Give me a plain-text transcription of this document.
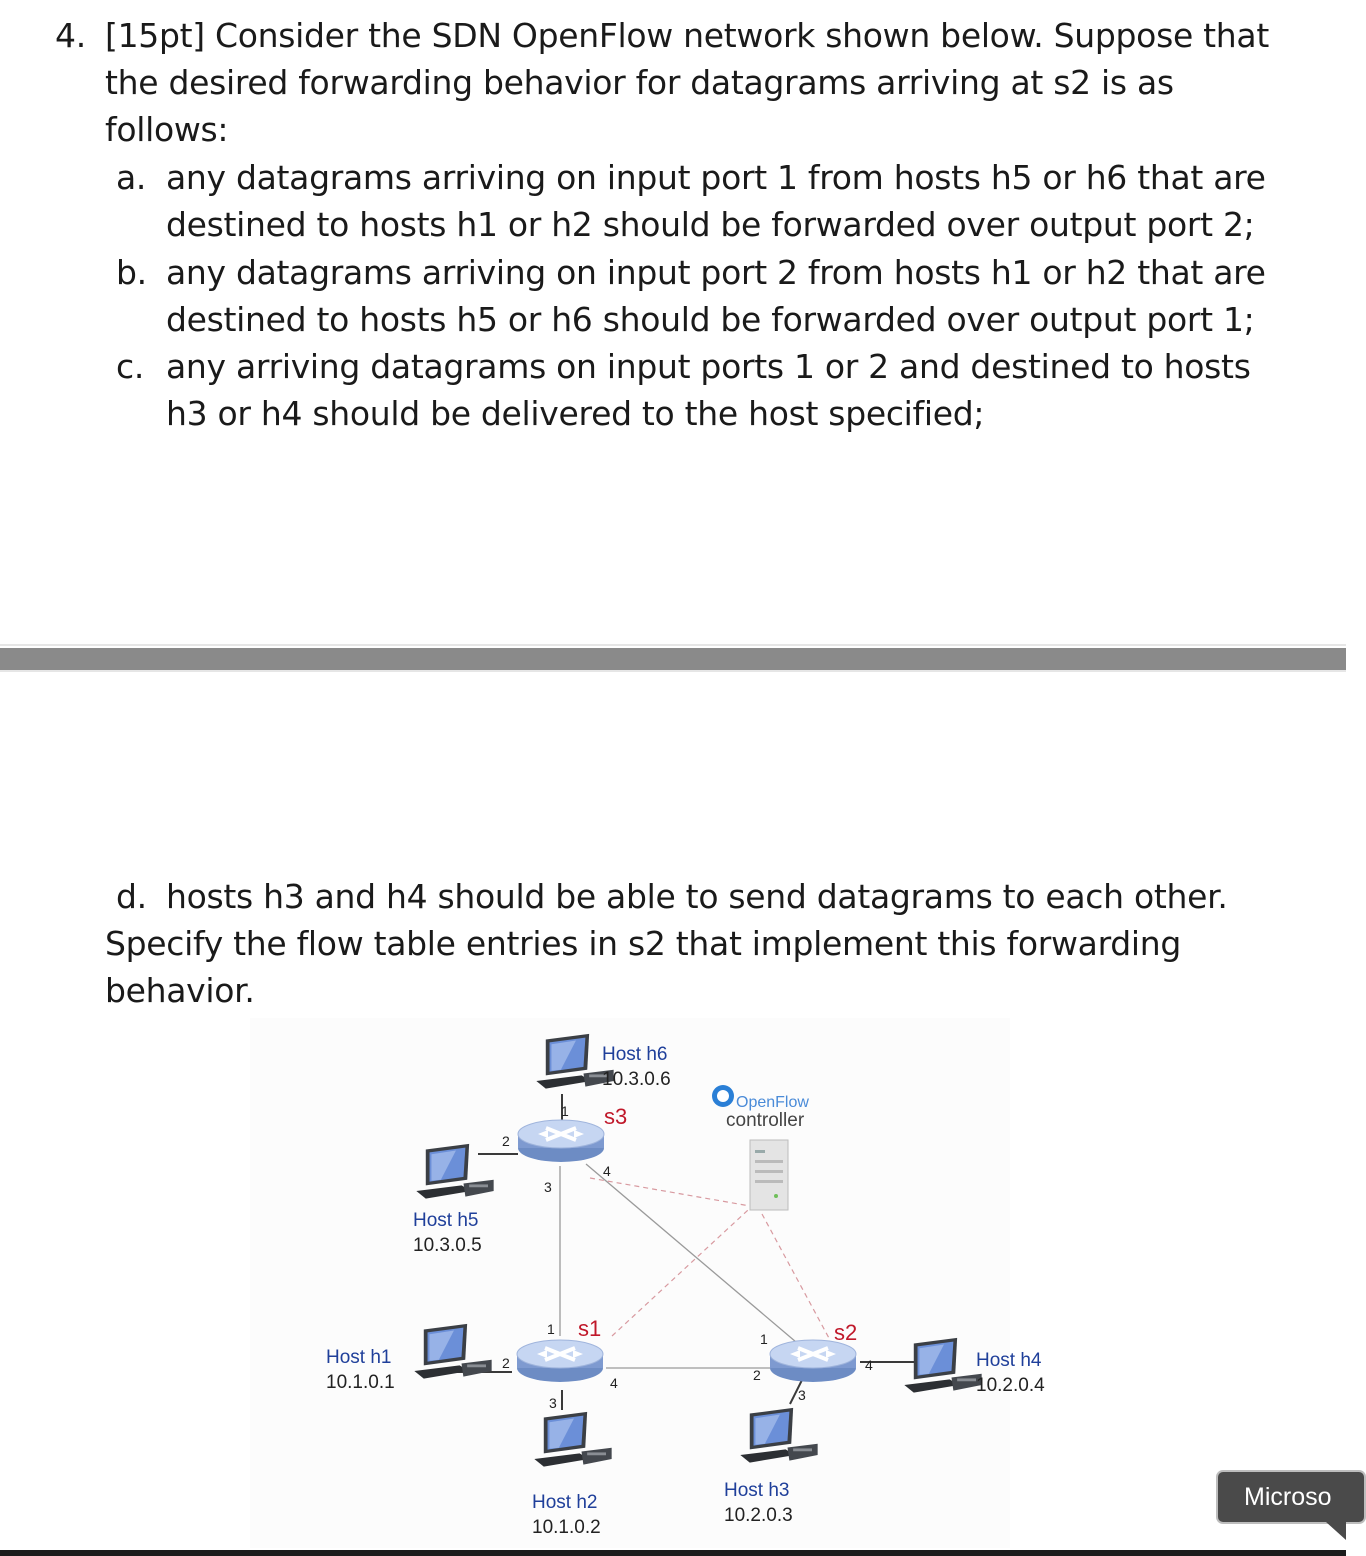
4. [15pt] Consider the SDN OpenFlow network shown below. Suppose that
the desired forwarding behavior for datagrams arriving at s2 is as
follows:
a. any datagrams arriving on input port 1 from hosts h5 or h6 that are
destined to hosts h1 or h2 should be forwarded over output port 2;
b. any datagrams arriving on input port 2 from hosts h1 or h2 that are
destined to hosts h5 or h6 should be forwarded over output port 1;
c. any arriving datagrams on input ports 1 or 2 and destined to hosts
h3 or h4 should be delivered to the host specified;
d. hosts h3 and h4 should be able to send datagrams to each other.
Specify the flow table entries in s2 that implement this forwarding
behavior.
OpenFlow
controller
s3
s1	s2
1
2
3
4
1
2
3
4
1
2
3
4
Host h6
10.3.0.6
Host h5
10.3.0.5
Host h1
10.1.0.1
Host h2
10.1.0.2
Host h3
10.2.0.3
Host h4
10.2.0.4
Microso
